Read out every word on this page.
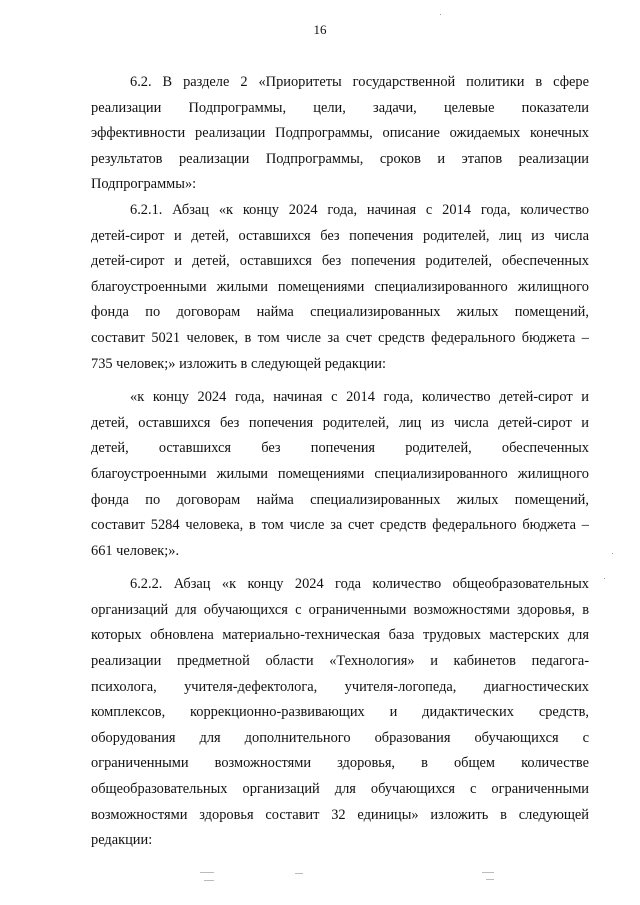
16
6.2. В разделе 2 «Приоритеты государственной политики в сфере
реализации Подпрограммы, цели, задачи, целевые показатели
эффективности реализации Подпрограммы, описание ожидаемых конечных
результатов реализации Подпрограммы, сроков и этапов реализации
Подпрограммы»:
6.2.1. Абзац «к концу 2024 года, начиная с 2014 года, количество
детей-сирот и детей, оставшихся без попечения родителей, лиц из числа
детей-сирот и детей, оставшихся без попечения родителей, обеспеченных
благоустроенными жилыми помещениями специализированного жилищного
фонда по договорам найма специализированных жилых помещений,
составит 5021 человек, в том числе за счет средств федерального бюджета –
735 человек;» изложить в следующей редакции:
«к концу 2024 года, начиная с 2014 года, количество детей-сирот и
детей, оставшихся без попечения родителей, лиц из числа детей-сирот и
детей, оставшихся без попечения родителей, обеспеченных
благоустроенными жилыми помещениями специализированного жилищного
фонда по договорам найма специализированных жилых помещений,
составит 5284 человека, в том числе за счет средств федерального бюджета –
661 человек;».
6.2.2. Абзац «к концу 2024 года количество общеобразовательных
организаций для обучающихся с ограниченными возможностями здоровья, в
которых обновлена материально-техническая база трудовых мастерских для
реализации предметной области «Технология» и кабинетов педагога-
психолога, учителя-дефектолога, учителя-логопеда, диагностических
комплексов, коррекционно-развивающих и дидактических средств,
оборудования для дополнительного образования обучающихся с
ограниченными возможностями здоровья, в общем количестве
общеобразовательных организаций для обучающихся с ограниченными
возможностями здоровья составит 32 единицы» изложить в следующей
редакции:
